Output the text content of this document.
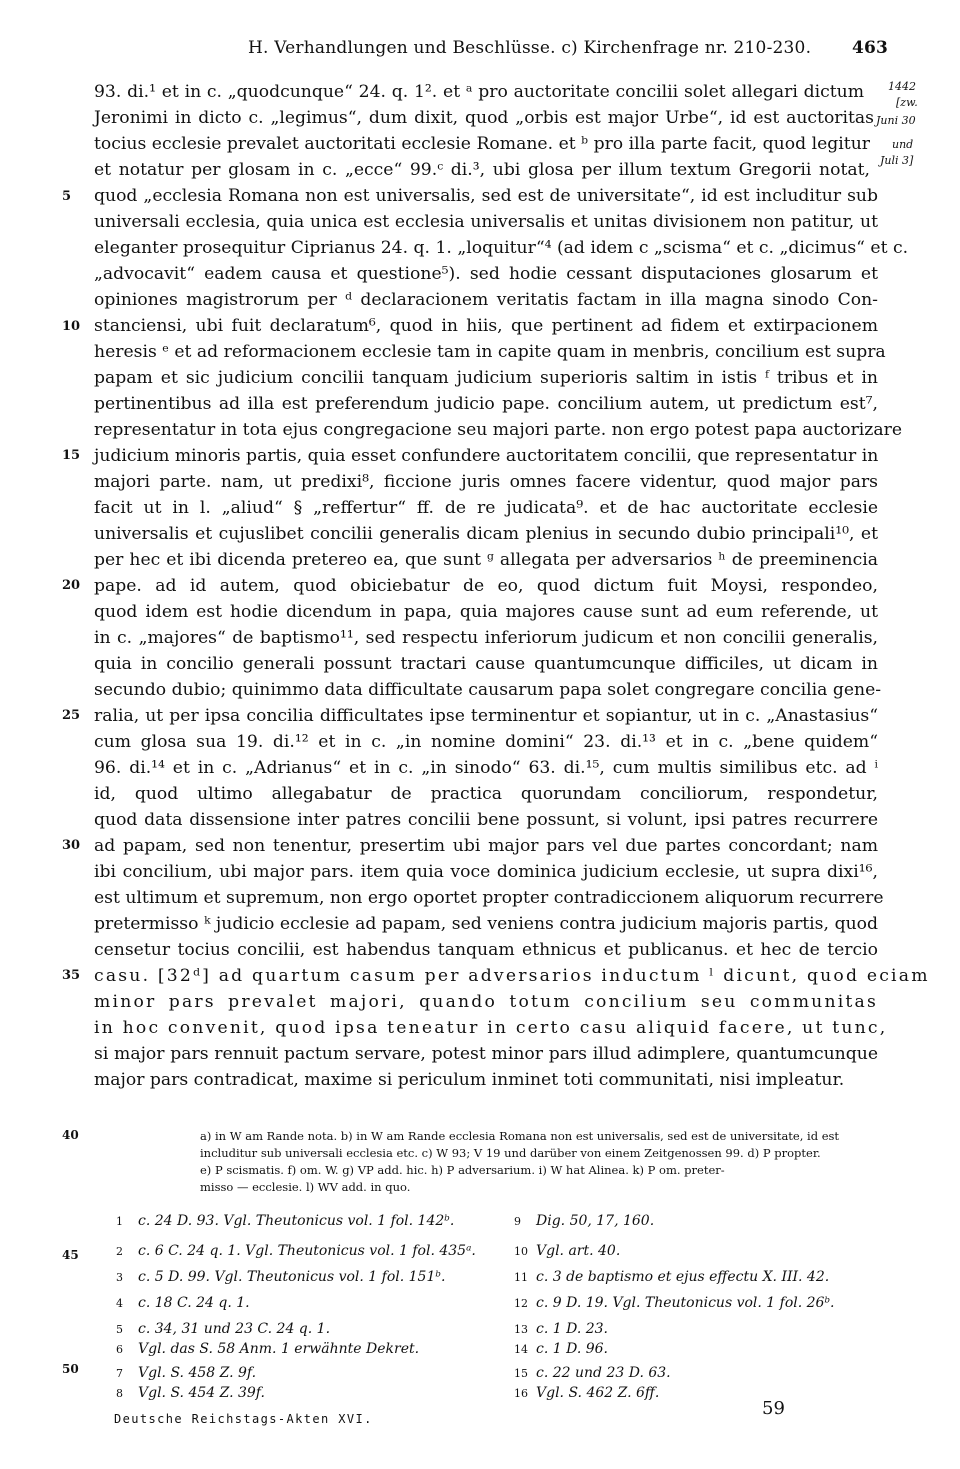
H. Verhandlungen und Beschlüsse. c) Kirchenfrage nr. 210-230. 463
1442
[zw.
Juni 30
und
Juli 3]
5
10
15
20
25
30
35
93. di.¹ et in c. „quodcunque“ 24. q. 1². et ᵃ pro auctoritate concilii solet allegari dictum
Jeronimi in dicto c. „legimus“, dum dixit, quod „orbis est major Urbe“, id est auctoritas
tocius ecclesie prevalet auctoritati ecclesie Romane. et ᵇ pro illa parte facit, quod legitur
et notatur per glosam in c. „ecce“ 99.ᶜ di.³, ubi glosa per illum textum Gregorii notat,
quod „ecclesia Romana non est universalis, sed est de universitate“, id est includitur sub
universali ecclesia, quia unica est ecclesia universalis et unitas divisionem non patitur, ut
eleganter prosequitur Ciprianus 24. q. 1. „loquitur“⁴ (ad idem c „scisma“ et c. „dicimus“ et c.
„advocavit“ eadem causa et questione⁵). sed hodie cessant disputaciones glosarum et
opiniones magistrorum per ᵈ declaracionem veritatis factam in illa magna sinodo Con-
stanciensi, ubi fuit declaratum⁶, quod in hiis, que pertinent ad fidem et extirpacionem
heresis ᵉ et ad reformacionem ecclesie tam in capite quam in menbris, concilium est supra
papam et sic judicium concilii tanquam judicium superioris saltim in istis ᶠ tribus et in
pertinentibus ad illa est preferendum judicio pape. concilium autem, ut predictum est⁷,
representatur in tota ejus congregacione seu majori parte. non ergo potest papa auctorizare
judicium minoris partis, quia esset confundere auctoritatem concilii, que representatur in
majori parte. nam, ut predixi⁸, ficcione juris omnes facere videntur, quod major pars
facit ut in l. „aliud“ § „reffertur“ ff. de re judicata⁹. et de hac auctoritate ecclesie
universalis et cujuslibet concilii generalis dicam plenius in secundo dubio principali¹⁰, et
per hec et ibi dicenda pretereo ea, que sunt ᵍ allegata per adversarios ʰ de preeminencia
pape. ad id autem, quod obiciebatur de eo, quod dictum fuit Moysi, respondeo,
quod idem est hodie dicendum in papa, quia majores cause sunt ad eum referende, ut
in c. „majores“ de baptismo¹¹, sed respectu inferiorum judicum et non concilii generalis,
quia in concilio generali possunt tractari cause quantumcunque difficiles, ut dicam in
secundo dubio; quinimmo data difficultate causarum papa solet congregare concilia gene-
ralia, ut per ipsa concilia difficultates ipse terminentur et sopiantur, ut in c. „Anastasius“
cum glosa sua 19. di.¹² et in c. „in nomine domini“ 23. di.¹³ et in c. „bene quidem“
96. di.¹⁴ et in c. „Adrianus“ et in c. „in sinodo“ 63. di.¹⁵, cum multis similibus etc. ad ⁱ
id, quod ultimo allegabatur de practica quorundam conciliorum, respondetur,
quod data dissensione inter patres concilii bene possunt, si volunt, ipsi patres recurrere
ad papam, sed non tenentur, presertim ubi major pars vel due partes concordant; nam
ibi concilium, ubi major pars. item quia voce dominica judicium ecclesie, ut supra dixi¹⁶,
est ultimum et supremum, non ergo oportet propter contradiccionem aliquorum recurrere
pretermisso ᵏ judicio ecclesie ad papam, sed veniens contra judicium majoris partis, quod
censetur tocius concilii, est habendus tanquam ethnicus et publicanus. et hec de tercio
casu. [32ᵈ] ad quartum casum per adversarios inductum ˡ dicunt, quod eciam
minor pars prevalet majori, quando totum concilium seu communitas
in hoc convenit, quod ipsa teneatur in certo casu aliquid facere, ut tunc,
si major pars rennuit pactum servare, potest minor pars illud adimplere, quantumcunque
major pars contradicat, maxime si periculum inminet toti communitati, nisi impleatur.
40	a) in W am Rande nota. b) in W am Rande ecclesia Romana non est universalis, sed est de universitate, id est
includitur sub universali ecclesia etc. c) W 93; V 19 und darüber von einem Zeitgenossen 99. d) P propter.
e) P scismatis. f) om. W. g) VP add. hic. h) P adversarium. i) W hat Alinea. k) P om. preter-
misso — ecclesie. l) WV add. in quo.
45
50
1 c. 24 D. 93. Vgl. Theutonicus vol. 1 fol. 142ᵇ.
2 c. 6 C. 24 q. 1. Vgl. Theutonicus vol. 1 fol. 435ᵃ.
3 c. 5 D. 99. Vgl. Theutonicus vol. 1 fol. 151ᵇ.
4 c. 18 C. 24 q. 1.
5 c. 34, 31 und 23 C. 24 q. 1.
6 Vgl. das S. 58 Anm. 1 erwähnte Dekret.
7 Vgl. S. 458 Z. 9f.
8 Vgl. S. 454 Z. 39f.
9 Dig. 50, 17, 160.
10 Vgl. art. 40.
11 c. 3 de baptismo et ejus effectu X. III. 42.
12 c. 9 D. 19. Vgl. Theutonicus vol. 1 fol. 26ᵇ.
13 c. 1 D. 23.
14 c. 1 D. 96.
15 c. 22 und 23 D. 63.
16 Vgl. S. 462 Z. 6ff.
Deutsche Reichstags-Akten XVI.	59
